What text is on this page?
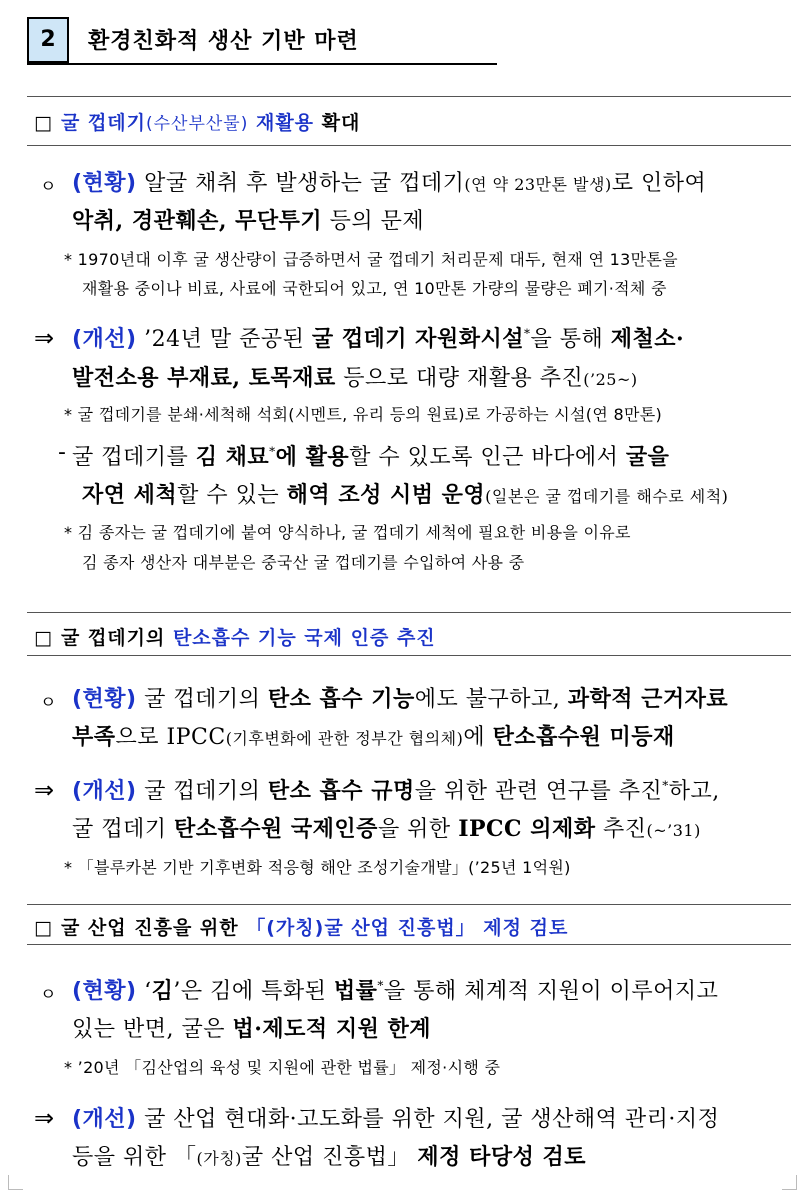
2	환경친화적 생산 기반 마련
□ 굴 껍데기(수산부산물) 재활용 확대
ㅇ (현황) 알굴 채취 후 발생하는 굴 껍데기(연 약 23만톤 발생)로 인하여
악취, 경관훼손, 무단투기 등의 문제
* 1970년대 이후 굴 생산량이 급증하면서 굴 껍데기 처리문제 대두, 현재 연 13만톤을
재활용 중이나 비료, 사료에 국한되어 있고, 연 10만톤 가량의 물량은 폐기·적체 중
⇒ (개선) ’24년 말 준공된 굴 껍데기 자원화시설*을 통해 제철소·
발전소용 부재료, 토목재료 등으로 대량 재활용 추진(’25~)
* 굴 껍데기를 분쇄·세척해 석회(시멘트, 유리 등의 원료)로 가공하는 시설(연 8만톤)
- 굴 껍데기를 김 채묘*에 활용할 수 있도록 인근 바다에서 굴을
자연 세척할 수 있는 해역 조성 시범 운영(일본은 굴 껍데기를 해수로 세척)
* 김 종자는 굴 껍데기에 붙여 양식하나, 굴 껍데기 세척에 필요한 비용을 이유로
김 종자 생산자 대부분은 중국산 굴 껍데기를 수입하여 사용 중
□ 굴 껍데기의 탄소흡수 기능 국제 인증 추진
ㅇ (현황) 굴 껍데기의 탄소 흡수 기능에도 불구하고, 과학적 근거자료
부족으로 IPCC(기후변화에 관한 정부간 협의체)에 탄소흡수원 미등재
⇒ (개선) 굴 껍데기의 탄소 흡수 규명을 위한 관련 연구를 추진*하고,
굴 껍데기 탄소흡수원 국제인증을 위한 IPCC 의제화 추진(~’31)
* 「블루카본 기반 기후변화 적응형 해안 조성기술개발」(’25년 1억원)
□ 굴 산업 진흥을 위한 「(가칭)굴 산업 진흥법」 제정 검토
ㅇ (현황) ‘김’은 김에 특화된 법률*을 통해 체계적 지원이 이루어지고
있는 반면, 굴은 법·제도적 지원 한계
* ’20년 「김산업의 육성 및 지원에 관한 법률」 제정·시행 중
⇒ (개선) 굴 산업 현대화·고도화를 위한 지원, 굴 생산해역 관리·지정
등을 위한 「(가칭)굴 산업 진흥법」 제정 타당성 검토
